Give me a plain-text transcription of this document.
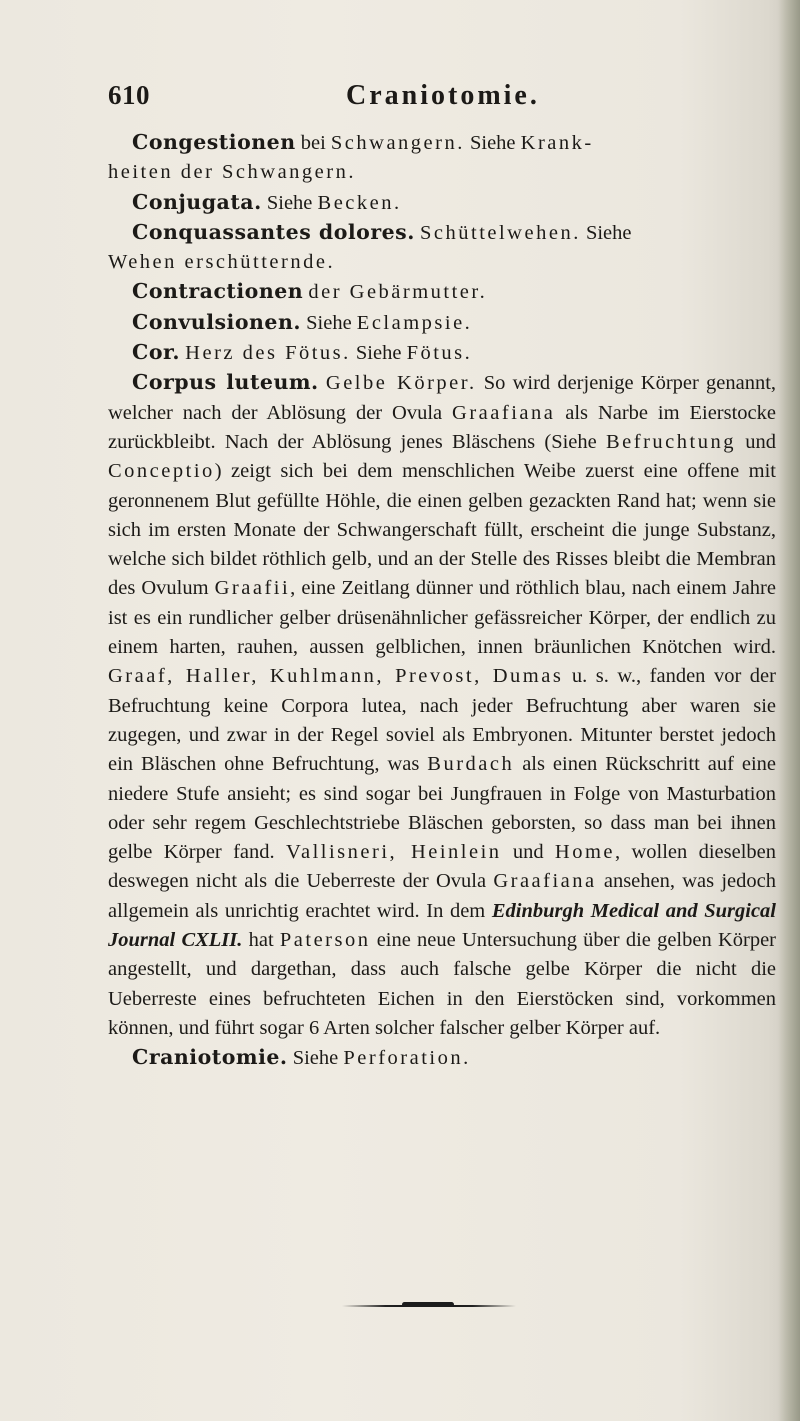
610	Craniotomie.

Congestionen bei Schwangern. Siehe Krank-
heiten der Schwangern.

Conjugata. Siehe Becken.

Conquassantes dolores. Schüttelwehen. Siehe
Wehen erschütternde.

Contractionen der Gebärmutter.

Convulsionen. Siehe Eclampsie.

Cor. Herz des Fötus. Siehe Fötus.

Corpus luteum. Gelbe Körper. So wird derjenige Körper genannt, welcher nach der Ablösung der Ovula Graafiana als Narbe im Eierstocke zurückbleibt. Nach der Ablösung jenes Bläschens (Siehe Befruchtung und Conceptio) zeigt sich bei dem menschlichen Weibe zuerst eine offene mit geronnenem Blut gefüllte Höhle, die einen gelben gezackten Rand hat; wenn sie sich im ersten Monate der Schwangerschaft füllt, erscheint die junge Substanz, welche sich bildet röthlich gelb, und an der Stelle des Risses bleibt die Membran des Ovulum Graafii, eine Zeitlang dünner und röthlich blau, nach einem Jahre ist es ein rundlicher gelber drüsenähnlicher gefässreicher Körper, der endlich zu einem harten, rauhen, aussen gelblichen, innen bräunlichen Knötchen wird. Graaf, Haller, Kuhlmann, Prevost, Dumas u. s. w., fanden vor der Befruchtung keine Corpora lutea, nach jeder Befruchtung aber waren sie zugegen, und zwar in der Regel soviel als Embryonen. Mitunter berstet jedoch ein Bläschen ohne Befruchtung, was Burdach als einen Rückschritt auf eine niedere Stufe ansieht; es sind sogar bei Jungfrauen in Folge von Masturbation oder sehr regem Geschlechtstriebe Bläschen geborsten, so dass man bei ihnen gelbe Körper fand. Vallisneri, Heinlein und Home, wollen dieselben deswegen nicht als die Ueberreste der Ovula Graafiana ansehen, was jedoch allgemein als unrichtig erachtet wird. In dem Edinburgh Medical and Surgical Journal CXLII. hat Paterson eine neue Untersuchung über die gelben Körper angestellt, und dargethan, dass auch falsche gelbe Körper die nicht die Ueberreste eines befruchteten Eichen in den Eierstöcken sind, vorkommen können, und führt sogar 6 Arten solcher falscher gelber Körper auf.

Craniotomie. Siehe Perforation.
